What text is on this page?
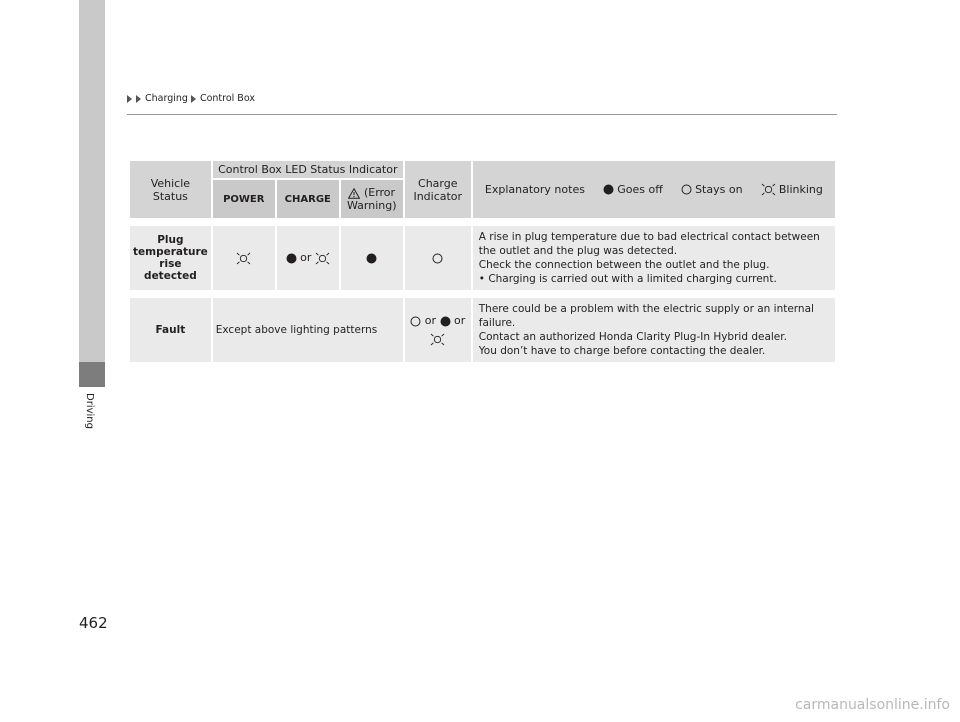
Driving
Charging Control Box
Vehicle Status	Control Box LED Status Indicator			Charge Indicator	Explanatory notes Goes off Stays on Blinking

	POWER	CHARGE	(Error Warning)		

Plug temperature rise detected		or			A rise in plug temperature due to bad electrical contact between the outlet and the plug was detected.
Check the connection between the outlet and the plug.
• Charging is carried out with a limited charging current.

Fault	Except above lighting patterns			or or	There could be a problem with the electric supply or an internal failure.
Contact an authorized Honda Clarity Plug-In Hybrid dealer.
You don’t have to charge before contacting the dealer.
462
carmanualsonline.info
